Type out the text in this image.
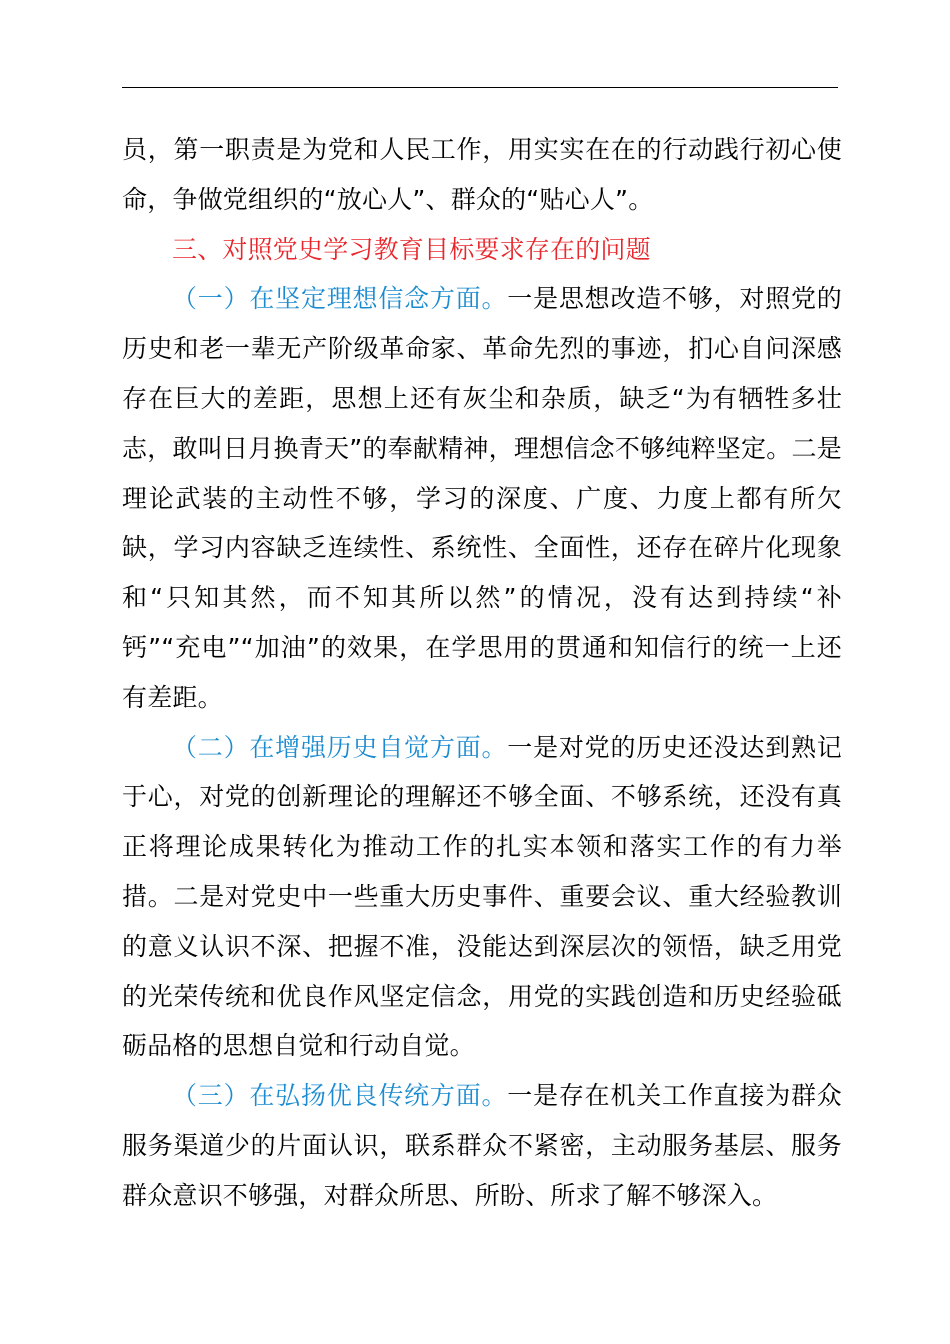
员，第一职责是为党和人民工作，用实实在在的行动践行初心使命，争做党组织的“放心人”、群众的“贴心人”。

三、对照党史学习教育目标要求存在的问题

（一）在坚定理想信念方面。一是思想改造不够，对照党的历史和老一辈无产阶级革命家、革命先烈的事迹，扪心自问深感存在巨大的差距，思想上还有灰尘和杂质，缺乏“为有牺牲多壮志，敢叫日月换青天”的奉献精神，理想信念不够纯粹坚定。二是理论武装的主动性不够，学习的深度、广度、力度上都有所欠缺，学习内容缺乏连续性、系统性、全面性，还存在碎片化现象和“只知其然，而不知其所以然”的情况，没有达到持续“补钙”“充电”“加油”的效果，在学思用的贯通和知信行的统一上还有差距。

（二）在增强历史自觉方面。一是对党的历史还没达到熟记于心，对党的创新理论的理解还不够全面、不够系统，还没有真正将理论成果转化为推动工作的扎实本领和落实工作的有力举措。二是对党史中一些重大历史事件、重要会议、重大经验教训的意义认识不深、把握不准，没能达到深层次的领悟，缺乏用党的光荣传统和优良作风坚定信念，用党的实践创造和历史经验砥砺品格的思想自觉和行动自觉。

（三）在弘扬优良传统方面。一是存在机关工作直接为群众服务渠道少的片面认识，联系群众不紧密，主动服务基层、服务群众意识不够强，对群众所思、所盼、所求了解不够深入。
